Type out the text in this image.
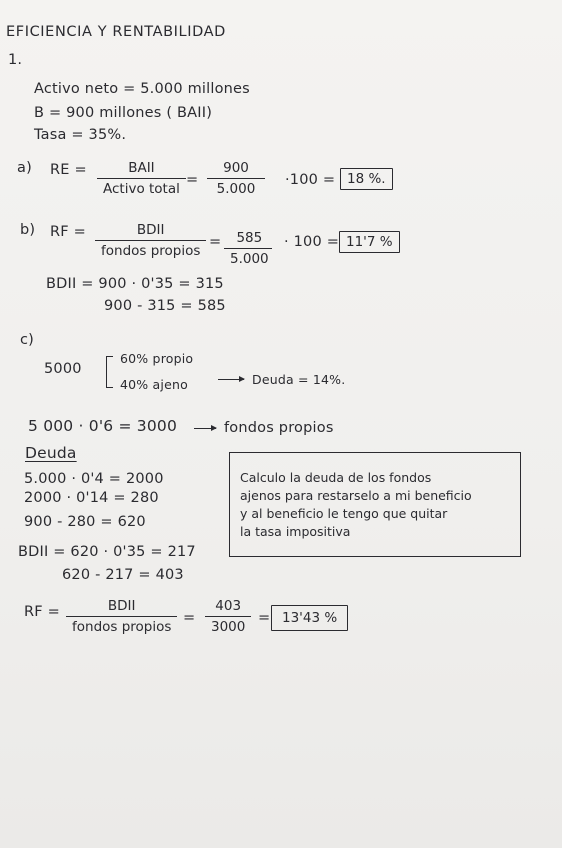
EFICIENCIA Y RENTABILIDAD
1.
Activo neto = 5.000 millones
B = 900 millones ( BAII)
Tasa = 35%.
a) RE =	BAII
Activo total
=
900
5.000
·100 = 18 %.
b) RF =	BDII
fondos propios
=	585
5.000
· 100 = 11'7 %
BDII = 900 · 0'35 = 315
900 - 315 = 585
c)
5000
60% propio
40% ajeno	Deuda = 14%.
5 000 · 0'6 = 3000	fondos propios
Deuda
5.000 · 0'4 = 2000
2000 · 0'14 = 280
900 - 280 = 620
Calculo la deuda de los fondos
ajenos para restarselo a mi beneficio
y al beneficio le tengo que quitar
la tasa impositiva
BDII = 620 · 0'35 = 217
620 - 217 = 403
RF =	BDII
fondos propios
=
403
3000
= 13'43 %
